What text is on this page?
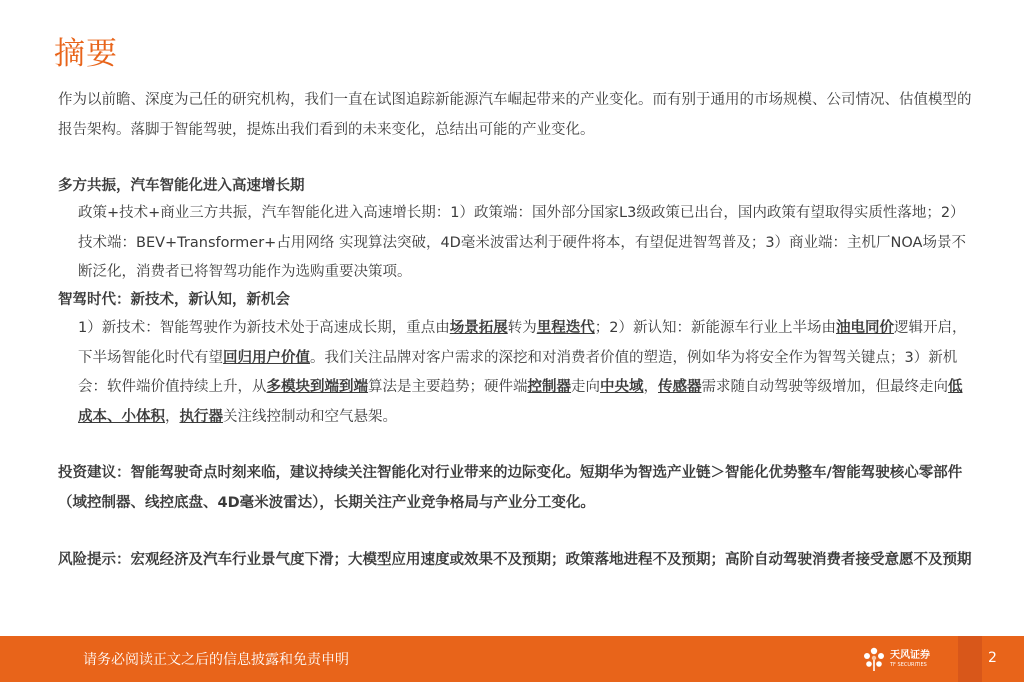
摘要

作为以前瞻、深度为己任的研究机构，我们一直在试图追踪新能源汽车崛起带来的产业变化。而有别于通用的市场规模、公司情况、估值模型的报告架构。落脚于智能驾驶，提炼出我们看到的未来变化，总结出可能的产业变化。

多方共振，汽车智能化进入高速增长期

政策+技术+商业三方共振，汽车智能化进入高速增长期：1）政策端：国外部分国家L3级政策已出台，国内政策有望取得实质性落地；2）技术端：BEV+Transformer+占用网络 实现算法突破，4D毫米波雷达利于硬件将本，有望促进智驾普及；3）商业端：主机厂NOA场景不断泛化，消费者已将智驾功能作为选购重要决策项。

智驾时代：新技术，新认知，新机会

1）新技术：智能驾驶作为新技术处于高速成长期，重点由场景拓展转为里程迭代；2）新认知：新能源车行业上半场由油电同价逻辑开启，下半场智能化时代有望回归用户价值。我们关注品牌对客户需求的深挖和对消费者价值的塑造，例如华为将安全作为智驾关键点；3）新机会：软件端价值持续上升，从多模块到端到端算法是主要趋势；硬件端控制器走向中央域，传感器需求随自动驾驶等级增加，但最终走向低成本、小体积，执行器关注线控制动和空气悬架。

投资建议：智能驾驶奇点时刻来临，建议持续关注智能化对行业带来的边际变化。短期华为智选产业链＞智能化优势整车/智能驾驶核心零部件（域控制器、线控底盘、4D毫米波雷达），长期关注产业竞争格局与产业分工变化。

风险提示：宏观经济及汽车行业景气度下滑；大模型应用速度或效果不及预期；政策落地进程不及预期；高阶自动驾驶消费者接受意愿不及预期

请务必阅读正文之后的信息披露和免责申明	天风证券
TF SECURITIES	2
